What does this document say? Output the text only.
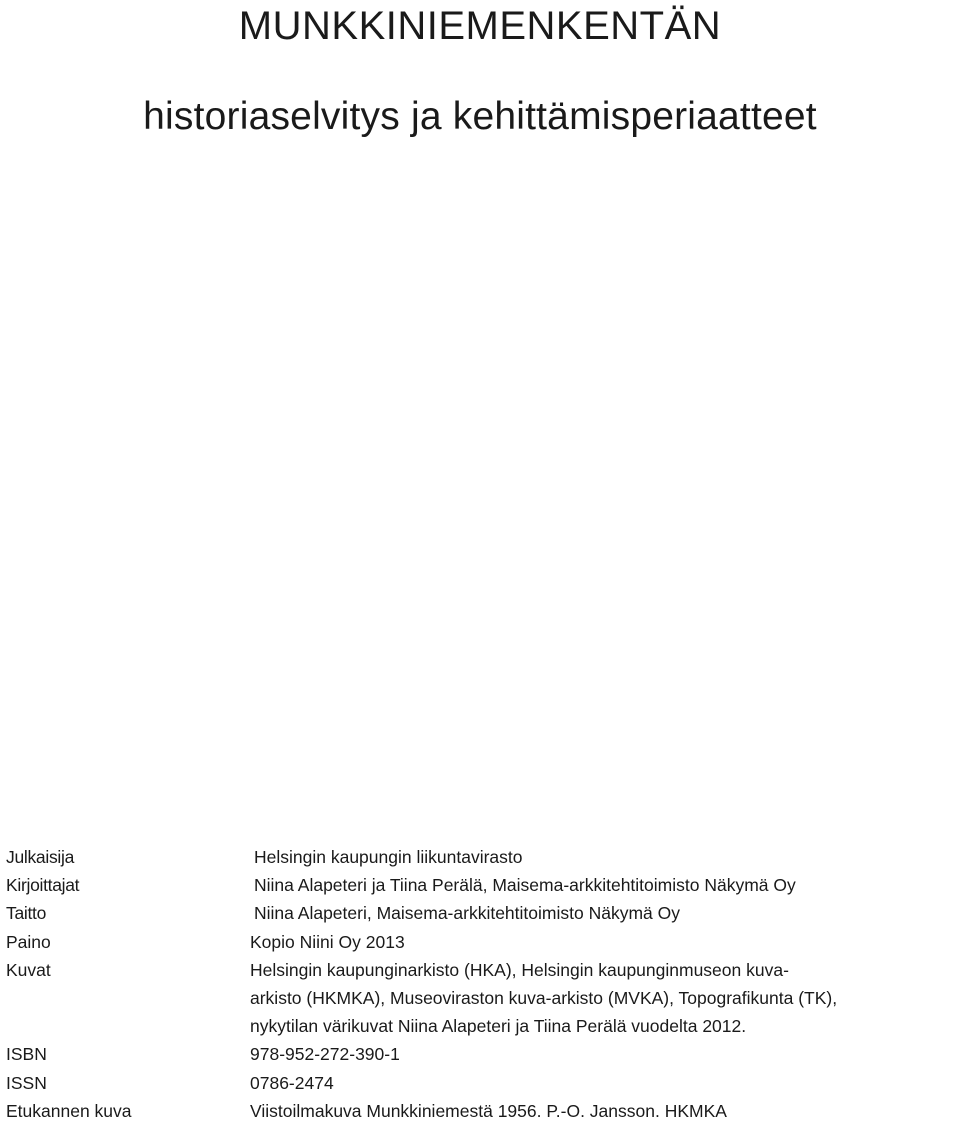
MUNKKINIEMENKENTÄN
historiaselvitys ja kehittämisperiaatteet
Julkaisija	Helsingin kaupungin liikuntavirasto
Kirjoittajat	Niina Alapeteri ja Tiina Perälä, Maisema-arkkitehtitoimisto Näkymä Oy
Taitto	Niina Alapeteri, Maisema-arkkitehtitoimisto Näkymä Oy
Paino	Kopio Niini Oy 2013
Kuvat	Helsingin kaupunginarkisto (HKA), Helsingin kaupunginmuseon kuva-
arkisto (HKMKA), Museoviraston kuva-arkisto (MVKA), Topografikunta (TK),
nykytilan värikuvat Niina Alapeteri ja Tiina Perälä vuodelta 2012.
ISBN	978-952-272-390-1
ISSN	0786-2474
Etukannen kuva	Viistoilmakuva Munkkiniemestä 1956. P.-O. Jansson. HKMKA
